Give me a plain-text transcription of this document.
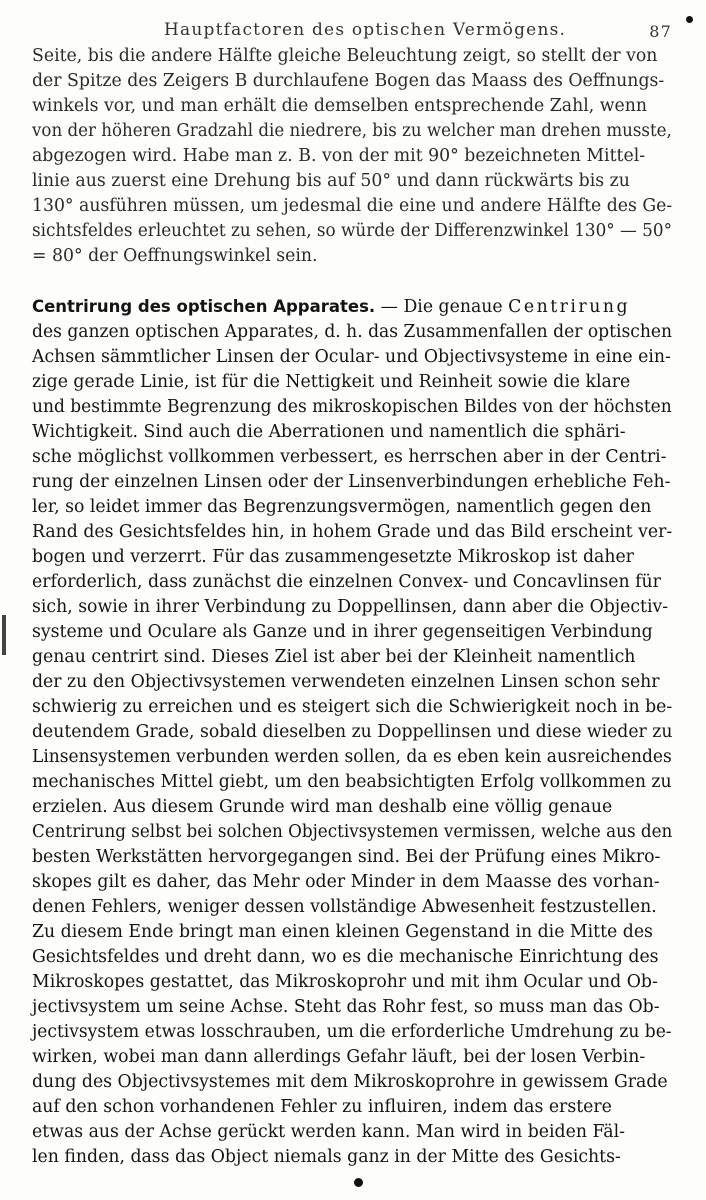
Hauptfactoren des optischen Vermögens.	87

Seite, bis die andere Hälfte gleiche Beleuchtung zeigt, so stellt der von
der Spitze des Zeigers B durchlaufene Bogen das Maass des Oeffnungs-
winkels vor, und man erhält die demselben entsprechende Zahl, wenn
von der höheren Gradzahl die niedrere, bis zu welcher man drehen musste,
abgezogen wird. Habe man z. B. von der mit 90° bezeichneten Mittel-
linie aus zuerst eine Drehung bis auf 50° und dann rückwärts bis zu
130° ausführen müssen, um jedesmal die eine und andere Hälfte des Ge-
sichtsfeldes erleuchtet zu sehen, so würde der Differenzwinkel 130° — 50°
= 80° der Oeffnungswinkel sein.

Centrirung des optischen Apparates. — Die genaue Centrirung
des ganzen optischen Apparates, d. h. das Zusammenfallen der optischen
Achsen sämmtlicher Linsen der Ocular- und Objectivsysteme in eine ein-
zige gerade Linie, ist für die Nettigkeit und Reinheit sowie die klare
und bestimmte Begrenzung des mikroskopischen Bildes von der höchsten
Wichtigkeit. Sind auch die Aberrationen und namentlich die sphäri-
sche möglichst vollkommen verbessert, es herrschen aber in der Centri-
rung der einzelnen Linsen oder der Linsenverbindungen erhebliche Feh-
ler, so leidet immer das Begrenzungsvermögen, namentlich gegen den
Rand des Gesichtsfeldes hin, in hohem Grade und das Bild erscheint ver-
bogen und verzerrt. Für das zusammengesetzte Mikroskop ist daher
erforderlich, dass zunächst die einzelnen Convex- und Concavlinsen für
sich, sowie in ihrer Verbindung zu Doppellinsen, dann aber die Objectiv-
systeme und Oculare als Ganze und in ihrer gegenseitigen Verbindung
genau centrirt sind. Dieses Ziel ist aber bei der Kleinheit namentlich
der zu den Objectivsystemen verwendeten einzelnen Linsen schon sehr
schwierig zu erreichen und es steigert sich die Schwierigkeit noch in be-
deutendem Grade, sobald dieselben zu Doppellinsen und diese wieder zu
Linsensystemen verbunden werden sollen, da es eben kein ausreichendes
mechanisches Mittel giebt, um den beabsichtigten Erfolg vollkommen zu
erzielen. Aus diesem Grunde wird man deshalb eine völlig genaue
Centrirung selbst bei solchen Objectivsystemen vermissen, welche aus den
besten Werkstätten hervorgegangen sind. Bei der Prüfung eines Mikro-
skopes gilt es daher, das Mehr oder Minder in dem Maasse des vorhan-
denen Fehlers, weniger dessen vollständige Abwesenheit festzustellen.
Zu diesem Ende bringt man einen kleinen Gegenstand in die Mitte des
Gesichtsfeldes und dreht dann, wo es die mechanische Einrichtung des
Mikroskopes gestattet, das Mikroskoprohr und mit ihm Ocular und Ob-
jectivsystem um seine Achse. Steht das Rohr fest, so muss man das Ob-
jectivsystem etwas losschrauben, um die erforderliche Umdrehung zu be-
wirken, wobei man dann allerdings Gefahr läuft, bei der losen Verbin-
dung des Objectivsystemes mit dem Mikroskoprohre in gewissem Grade
auf den schon vorhandenen Fehler zu influiren, indem das erstere
etwas aus der Achse gerückt werden kann. Man wird in beiden Fäl-
len finden, dass das Object niemals ganz in der Mitte des Gesichts-
